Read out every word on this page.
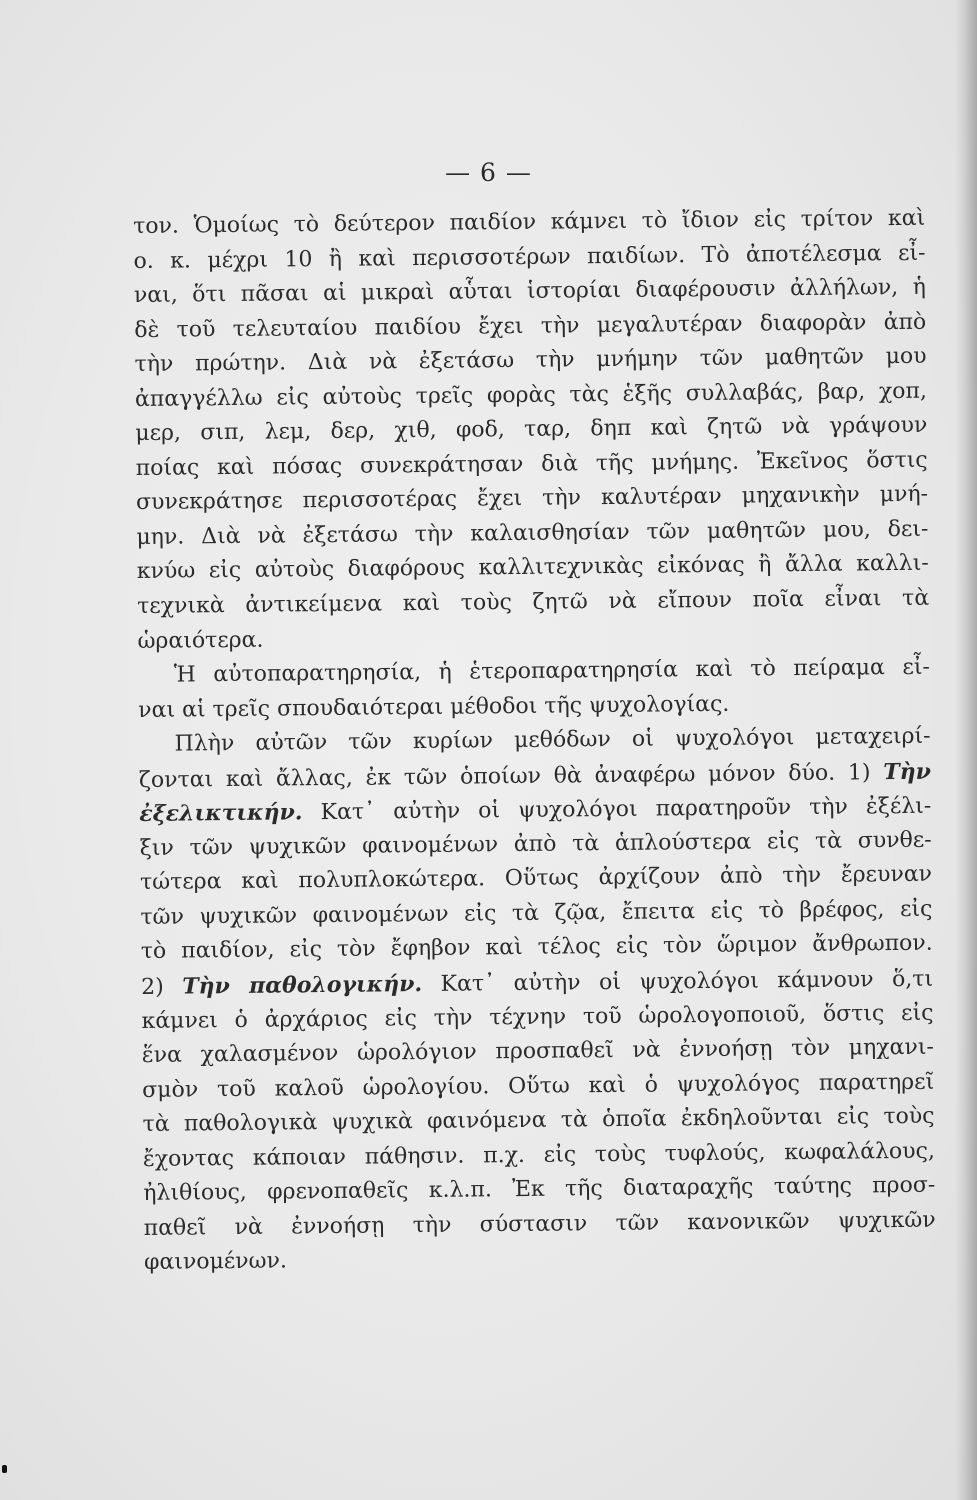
— 6 —
τον. Ὁμοίως τὸ δεύτερον παιδίον κάμνει τὸ ἴδιον εἰς τρίτον καὶ
ο. κ. μέχρι 10 ἢ καὶ περισσοτέρων παιδίων. Τὸ ἀποτέλεσμα εἶ-
ναι, ὅτι πᾶσαι αἱ μικραὶ αὗται ἱστορίαι διαφέρουσιν ἀλλήλων, ἡ
δὲ τοῦ τελευταίου παιδίου ἔχει τὴν μεγαλυτέραν διαφορὰν ἀπὸ
τὴν πρώτην. Διὰ νὰ ἐξετάσω τὴν μνήμην τῶν μαθητῶν μου
ἀπαγγέλλω εἰς αὐτοὺς τρεῖς φορὰς τὰς ἑξῆς συλλαβάς, βαρ, χοπ,
μερ, σιπ, λεμ, δερ, χιθ, φοδ, ταρ, δηπ καὶ ζητῶ νὰ γράψουν
ποίας καὶ πόσας συνεκράτησαν διὰ τῆς μνήμης. Ἐκεῖνος ὅστις
συνεκράτησε περισσοτέρας ἔχει τὴν καλυτέραν μηχανικὴν μνή-
μην. Διὰ νὰ ἐξετάσω τὴν καλαισθησίαν τῶν μαθητῶν μου, δει-
κνύω εἰς αὐτοὺς διαφόρους καλλιτεχνικὰς εἰκόνας ἢ ἄλλα καλλι-
τεχνικὰ ἀντικείμενα καὶ τοὺς ζητῶ νὰ εἴπουν ποῖα εἶναι τὰ
ὡραιότερα.
Ἡ αὐτοπαρατηρησία, ἡ ἑτεροπαρατηρησία καὶ τὸ πείραμα εἶ-
ναι αἱ τρεῖς σπουδαιότεραι μέθοδοι τῆς ψυχολογίας.
Πλὴν αὐτῶν τῶν κυρίων μεθόδων οἱ ψυχολόγοι μεταχειρί-
ζονται καὶ ἄλλας, ἐκ τῶν ὁποίων θὰ ἀναφέρω μόνον δύο. 1) Τὴν
ἐξελικτικήν. Κατ᾽ αὐτὴν οἱ ψυχολόγοι παρατηροῦν τὴν ἐξέλι-
ξιν τῶν ψυχικῶν φαινομένων ἀπὸ τὰ ἁπλούστερα εἰς τὰ συνθε-
τώτερα καὶ πολυπλοκώτερα. Οὕτως ἀρχίζουν ἀπὸ τὴν ἔρευναν
τῶν ψυχικῶν φαινομένων εἰς τὰ ζῷα, ἔπειτα εἰς τὸ βρέφος, εἰς
τὸ παιδίον, εἰς τὸν ἔφηβον καὶ τέλος εἰς τὸν ὥριμον ἄνθρωπον.
2) Τὴν παθολογικήν. Κατ᾽ αὐτὴν οἱ ψυχολόγοι κάμνουν ὅ,τι
κάμνει ὁ ἀρχάριος εἰς τὴν τέχνην τοῦ ὡρολογοποιοῦ, ὅστις εἰς
ἕνα χαλασμένον ὡρολόγιον προσπαθεῖ νὰ ἐννοήσῃ τὸν μηχανι-
σμὸν τοῦ καλοῦ ὡρολογίου. Οὕτω καὶ ὁ ψυχολόγος παρατηρεῖ
τὰ παθολογικὰ ψυχικὰ φαινόμενα τὰ ὁποῖα ἐκδηλοῦνται εἰς τοὺς
ἔχοντας κάποιαν πάθησιν. π.χ. εἰς τοὺς τυφλούς, κωφαλάλους,
ἠλιθίους, φρενοπαθεῖς κ.λ.π. Ἐκ τῆς διαταραχῆς ταύτης προσ-
παθεῖ νὰ ἐννοήσῃ τὴν σύστασιν τῶν κανονικῶν ψυχικῶν
φαινομένων.
